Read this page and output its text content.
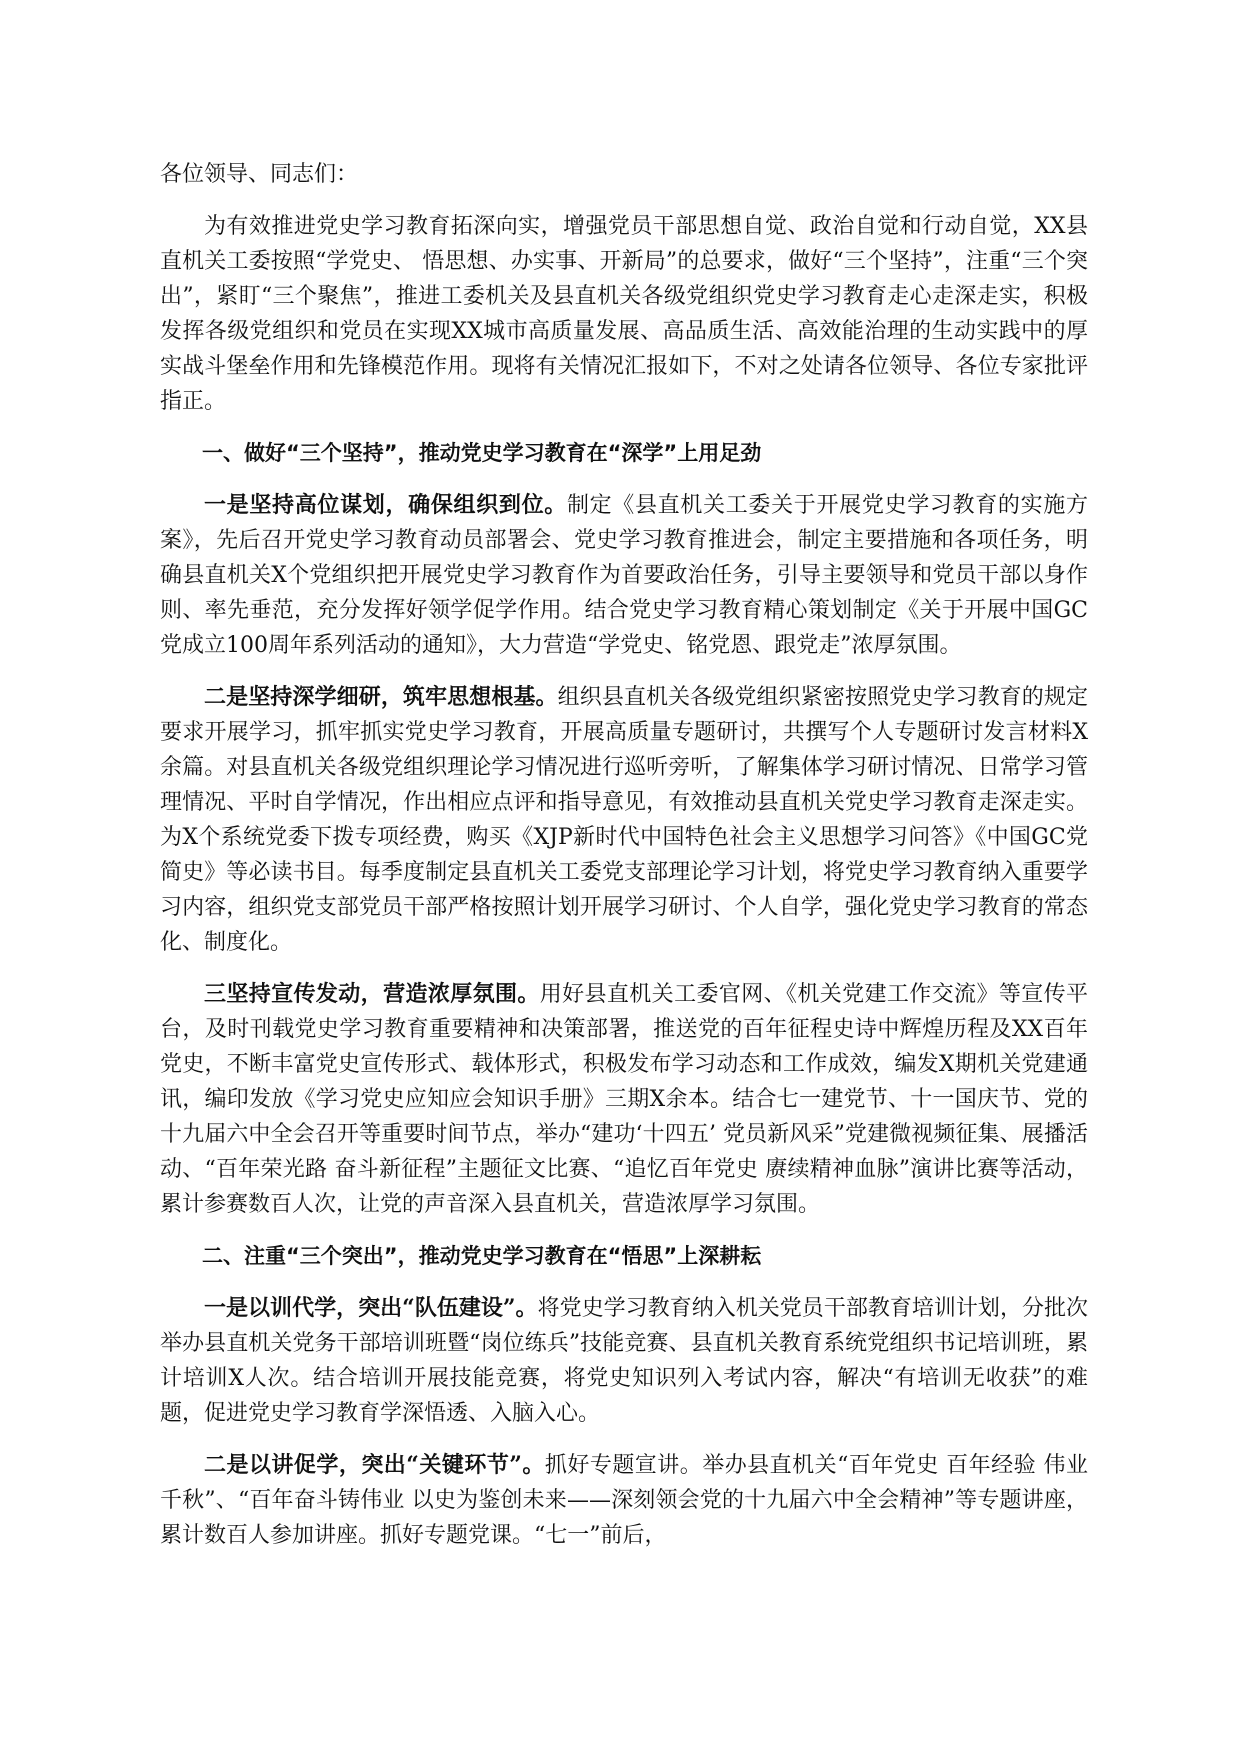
各位领导、同志们：

为有效推进党史学习教育拓深向实，增强党员干部思想自觉、政治自觉和行动自觉，XX县直机关工委按照“学党史、 悟思想、办实事、开新局”的总要求，做好“三个坚持”，注重“三个突出”，紧盯“三个聚焦”，推进工委机关及县直机关各级党组织党史学习教育走心走深走实，积极发挥各级党组织和党员在实现XX城市高质量发展、高品质生活、高效能治理的生动实践中的厚实战斗堡垒作用和先锋模范作用。现将有关情况汇报如下，不对之处请各位领导、各位专家批评指正。

一、做好“三个坚持”，推动党史学习教育在“深学”上用足劲

一是坚持高位谋划，确保组织到位。制定《县直机关工委关于开展党史学习教育的实施方案》，先后召开党史学习教育动员部署会、党史学习教育推进会，制定主要措施和各项任务，明确县直机关X个党组织把开展党史学习教育作为首要政治任务，引导主要领导和党员干部以身作则、率先垂范，充分发挥好领学促学作用。结合党史学习教育精心策划制定《关于开展中国GC党成立100周年系列活动的通知》，大力营造“学党史、铭党恩、跟党走”浓厚氛围。

二是坚持深学细研，筑牢思想根基。组织县直机关各级党组织紧密按照党史学习教育的规定要求开展学习，抓牢抓实党史学习教育，开展高质量专题研讨，共撰写个人专题研讨发言材料X余篇。对县直机关各级党组织理论学习情况进行巡听旁听，了解集体学习研讨情况、日常学习管理情况、平时自学情况，作出相应点评和指导意见，有效推动县直机关党史学习教育走深走实。为X个系统党委下拨专项经费，购买《XJP新时代中国特色社会主义思想学习问答》《中国GC党简史》等必读书目。每季度制定县直机关工委党支部理论学习计划，将党史学习教育纳入重要学习内容，组织党支部党员干部严格按照计划开展学习研讨、个人自学，强化党史学习教育的常态化、制度化。

三坚持宣传发动，营造浓厚氛围。用好县直机关工委官网、《机关党建工作交流》等宣传平台，及时刊载党史学习教育重要精神和决策部署，推送党的百年征程史诗中辉煌历程及XX百年党史，不断丰富党史宣传形式、载体形式，积极发布学习动态和工作成效，编发X期机关党建通讯，编印发放《学习党史应知应会知识手册》三期X余本。结合七一建党节、十一国庆节、党的十九届六中全会召开等重要时间节点，举办“建功‘十四五’ 党员新风采”党建微视频征集、展播活动、“百年荣光路 奋斗新征程”主题征文比赛、“追忆百年党史 赓续精神血脉”演讲比赛等活动，累计参赛数百人次，让党的声音深入县直机关，营造浓厚学习氛围。

二、注重“三个突出”，推动党史学习教育在“悟思”上深耕耘

一是以训代学，突出“队伍建设”。将党史学习教育纳入机关党员干部教育培训计划，分批次举办县直机关党务干部培训班暨“岗位练兵”技能竞赛、县直机关教育系统党组织书记培训班，累计培训X人次。结合培训开展技能竞赛，将党史知识列入考试内容，解决“有培训无收获”的难题，促进党史学习教育学深悟透、入脑入心。

二是以讲促学，突出“关键环节”。抓好专题宣讲。举办县直机关“百年党史 百年经验 伟业千秋”、“百年奋斗铸伟业 以史为鉴创未来——深刻领会党的十九届六中全会精神”等专题讲座，累计数百人参加讲座。抓好专题党课。“七一”前后，
